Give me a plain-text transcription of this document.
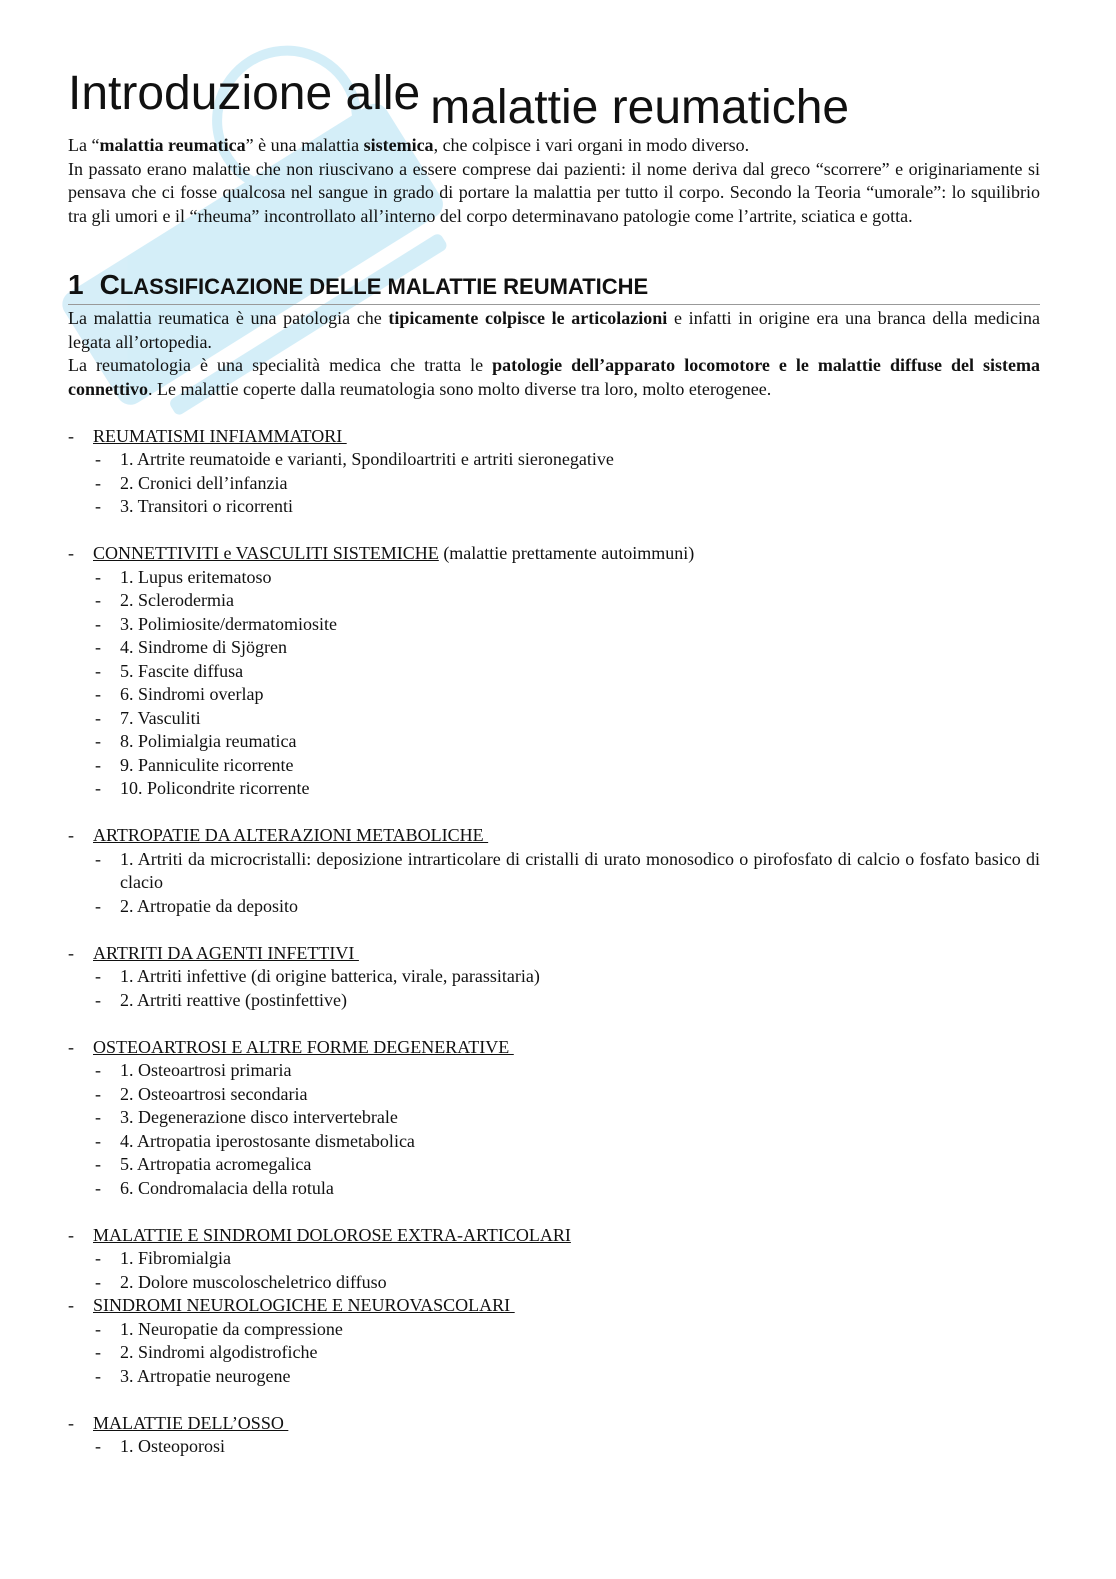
Introduzione alle malattie reumatiche

La “malattia reumatica” è una malattia sistemica, che colpisce i vari organi in modo diverso.

In passato erano malattie che non riuscivano a essere comprese dai pazienti: il nome deriva dal greco “scorrere” e originariamente si pensava che ci fosse qualcosa nel sangue in grado di portare la malattia per tutto il corpo. Secondo la Teoria “umorale”: lo squilibrio tra gli umori e il “rheuma” incontrollato all’interno del corpo determinavano patologie come l’artrite, sciatica e gotta.

1 CLASSIFICAZIONE DELLE MALATTIE REUMATICHE

La malattia reumatica è una patologia che tipicamente colpisce le articolazioni e infatti in origine era una branca della medicina legata all’ortopedia.

La reumatologia è una specialità medica che tratta le patologie dell’apparato locomotore e le malattie diffuse del sistema connettivo. Le malattie coperte dalla reumatologia sono molto diverse tra loro, molto eterogenee.

- REUMATISMI INFIAMMATORI
- 1. Artrite reumatoide e varianti, Spondiloartriti e artriti sieronegative
- 2. Cronici dell’infanzia
- 3. Transitori o ricorrenti
- CONNETTIVITI e VASCULITI SISTEMICHE (malattie prettamente autoimmuni)
- 1. Lupus eritematoso
- 2. Sclerodermia
- 3. Polimiosite/dermatomiosite
- 4. Sindrome di Sjögren
- 5. Fascite diffusa
- 6. Sindromi overlap
- 7. Vasculiti
- 8. Polimialgia reumatica
- 9. Panniculite ricorrente
- 10. Policondrite ricorrente
- ARTROPATIE DA ALTERAZIONI METABOLICHE
- 1. Artriti da microcristalli: deposizione intrarticolare di cristalli di urato monosodico o pirofosfato di calcio o fosfato basico di clacio
- 2. Artropatie da deposito
- ARTRITI DA AGENTI INFETTIVI
- 1. Artriti infettive (di origine batterica, virale, parassitaria)
- 2. Artriti reattive (postinfettive)
- OSTEOARTROSI E ALTRE FORME DEGENERATIVE
- 1. Osteoartrosi primaria
- 2. Osteoartrosi secondaria
- 3. Degenerazione disco intervertebrale
- 4. Artropatia iperostosante dismetabolica
- 5. Artropatia acromegalica
- 6. Condromalacia della rotula
- MALATTIE E SINDROMI DOLOROSE EXTRA-ARTICOLARI
- 1. Fibromialgia
- 2. Dolore muscoloscheletrico diffuso
- SINDROMI NEUROLOGICHE E NEUROVASCOLARI
- 1. Neuropatie da compressione
- 2. Sindromi algodistrofiche
- 3. Artropatie neurogene
- MALATTIE DELL’OSSO
- 1. Osteoporosi
